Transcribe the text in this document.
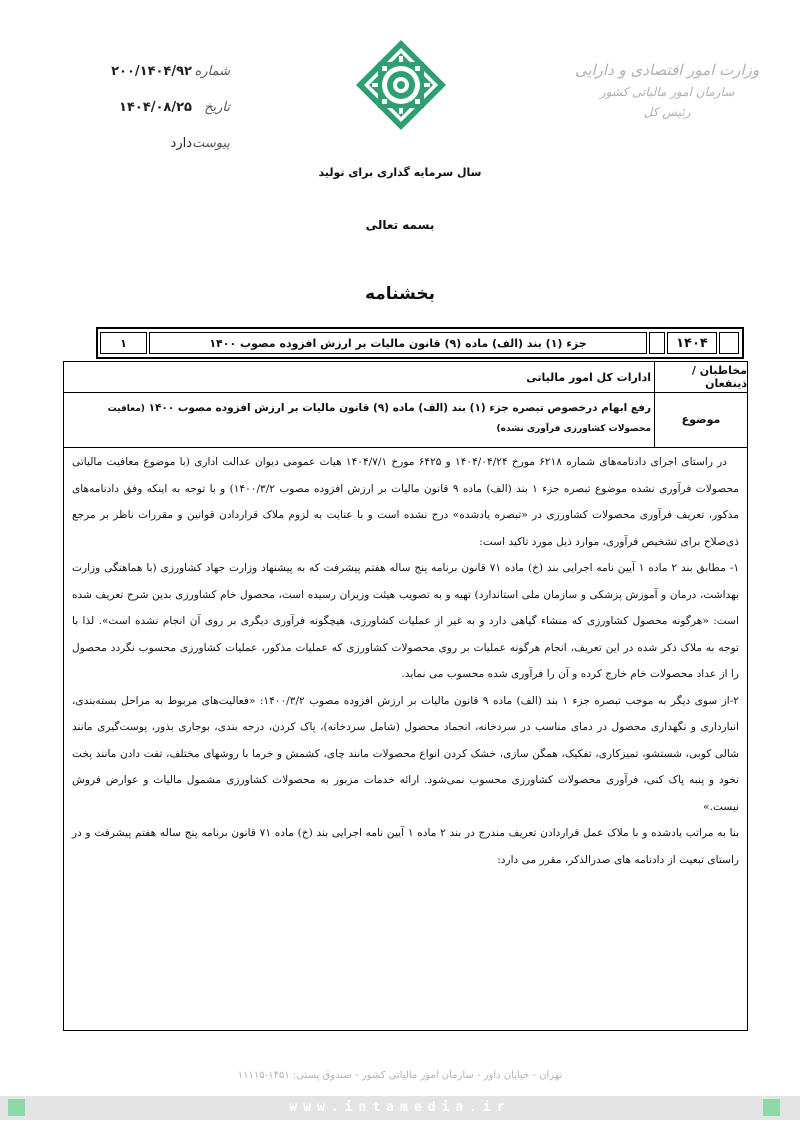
وزارت امور اقتصادی و دارایی
سازمان امور مالیاتی کشور
رئیس کل
شماره
۲۰۰/۱۴۰۴/۹۲
تاریخ
۱۴۰۴/۰۸/۲۵
پیوست
دارد
سال سرمایه گذاری برای تولید
بسمه تعالی
بخشنامه
۱۴۰۴
جزء (۱) بند (الف) ماده (۹) قانون مالیات بر ارزش افزوده مصوب ۱۴۰۰
۱
مخاطبان / ذینفعان
ادارات کل امور مالیاتی
موضوع
رفع ابهام درخصوص تبصره جزء (۱) بند (الف) ماده (۹) قانون مالیات بر ارزش افزوده مصوب ۱۴۰۰ (معافیت محصولات کشاورزی فرآوری نشده)

در راستای اجرای دادنامه‌های شماره ۶۲۱۸ مورخ ۱۴۰۴/۰۴/۲۴ و ۶۴۲۵ مورخ ۱۴۰۴/۷/۱ هیات عمومی دیوان عدالت اداری (با موضوع معافیت مالیاتی محصولات فرآوری نشده موضوع تبصره جزء ۱ بند (الف) ماده ۹ قانون مالیات بر ارزش افزوده مصوب ۱۴۰۰/۳/۲) و با توجه به اینکه وفق دادنامه‌های مذکور، تعریف فرآوری محصولات کشاورزی در «تبصره یادشده» درج نشده است و با عنایت به لزوم ملاک قراردادن قوانین و مقررات ناظر بر مرجع ذی‌صلاح برای تشخیص فرآوری، موارد ذیل مورد تاکید است:

۱- مطابق بند ۲ ماده ۱ آیین نامه اجرایی بند (خ) ماده ۷۱ قانون برنامه پنج ساله هفتم پیشرفت که به پیشنهاد وزارت جهاد کشاورزی (با هماهنگی وزارت بهداشت، درمان و آموزش پزشکی و سازمان ملی استاندارد) تهیه و به تصویب هیئت وزیران رسیده است، محصول خام کشاورزی بدین شرح تعریف شده است: «هرگونه محصول کشاورزی که منشاء گیاهی دارد و به غیر از عملیات کشاورزی، هیچگونه فرآوری دیگری بر روی آن انجام نشده است». لذا با توجه به ملاک ذکر شده در این تعریف، انجام هرگونه عملیات بر روی محصولات کشاورزی که عملیات مذکور، عملیات کشاورزی محسوب نگردد محصول را از عداد محصولات خام خارج کرده و آن را فرآوری شده محسوب می نماید.

۲-از سوی دیگر به موجب تبصره جزء ۱ بند (الف) ماده ۹ قانون مالیات بر ارزش افزوده مصوب ۱۴۰۰/۳/۲: «فعالیت‌های مربوط به مراحل بسته‌بندی، انبارداری و نگهداری محصول در دمای مناسب در سردخانه، انجماد محصول (شامل سردخانه)، پاک کردن، درجه بندی، بوجاری بذور، پوست‌گیری مانند شالی کوبی، شستشو، تمیزکاری، تفکیک، همگن سازی، خشک کردن انواع محصولات مانند چای، کشمش و خرما با روشهای مختلف، تفت دادن مانند پخت نخود و پنبه پاک کنی، فرآوری محصولات کشاورزی محسوب نمی‌شود. ارائه خدمات مزبور به محصولات کشاورزی مشمول مالیات و عوارض فروش نیست.»

بنا به مراتب یادشده و با ملاک عمل قراردادن تعریف مندرج در بند ۲ ماده ۱ آیین نامه اجرایی بند (خ) ماده ۷۱ قانون برنامه پنج ساله هفتم پیشرفت و در راستای تبعیت از دادنامه های صدرالذکر، مقرر می دارد:

تهران - خیابان داور - سازمان امور مالیاتی کشور - صندوق پستی: ۱۴۵۱-۱۱۱۱۵
www.intamedia.ir
